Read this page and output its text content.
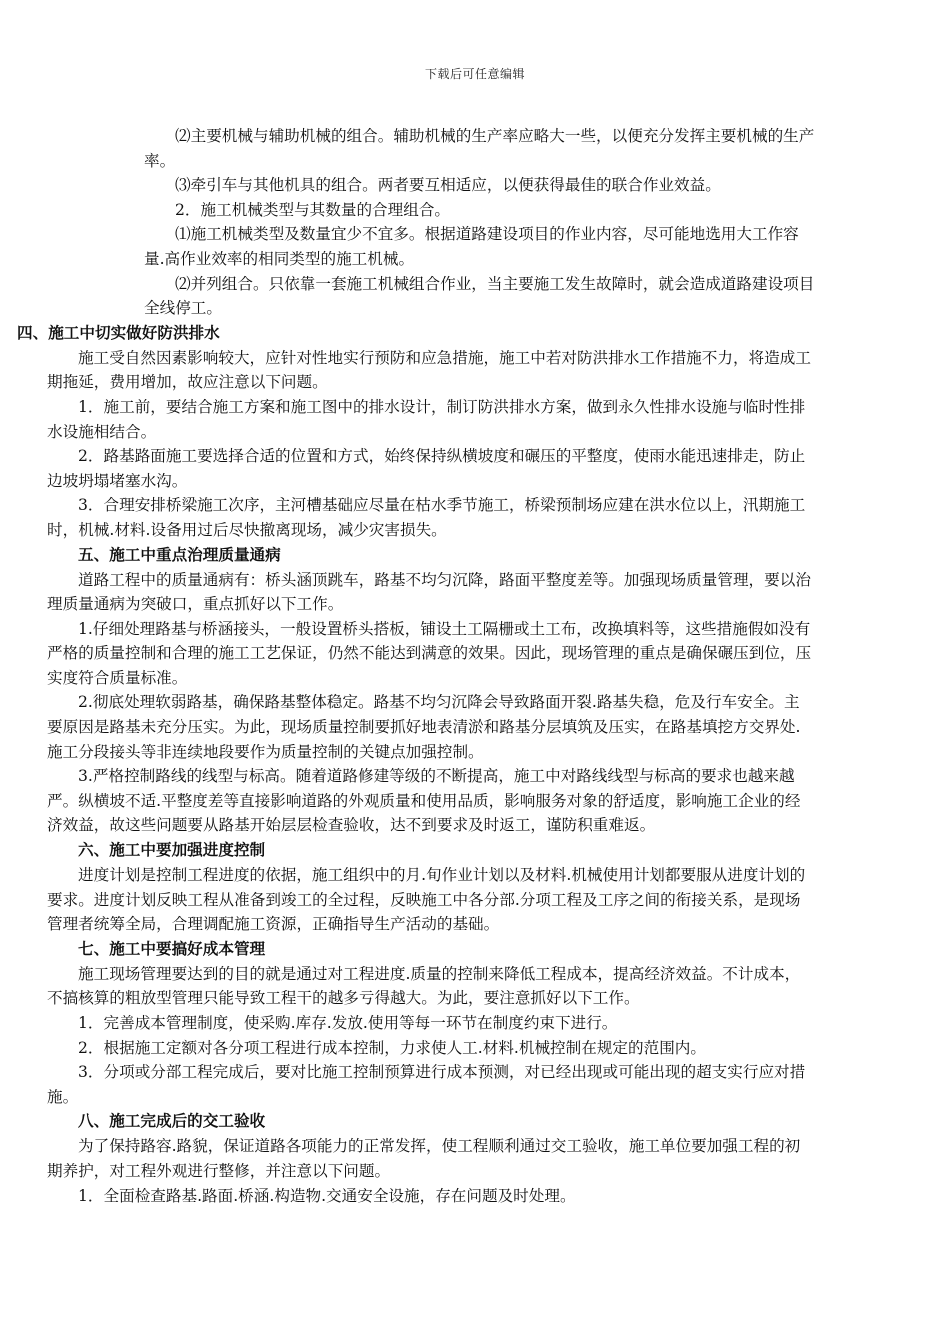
下载后可任意编辑

⑵主要机械与辅助机械的组合。辅助机械的生产率应略大一些，以便充分发挥主要机械的生产率。

⑶牵引车与其他机具的组合。两者要互相适应，以便获得最佳的联合作业效益。

2．施工机械类型与其数量的合理组合。

⑴施工机械类型及数量宜少不宜多。根据道路建设项目的作业内容，尽可能地选用大工作容量.高作业效率的相同类型的施工机械。

⑵并列组合。只依靠一套施工机械组合作业，当主要施工发生故障时，就会造成道路建设项目全线停工。

四、施工中切实做好防洪排水

施工受自然因素影响较大，应针对性地实行预防和应急措施，施工中若对防洪排水工作措施不力，将造成工期拖延，费用增加，故应注意以下问题。

1．施工前，要结合施工方案和施工图中的排水设计，制订防洪排水方案，做到永久性排水设施与临时性排水设施相结合。

2．路基路面施工要选择合适的位置和方式，始终保持纵横坡度和碾压的平整度，使雨水能迅速排走，防止边坡坍塌堵塞水沟。

3．合理安排桥梁施工次序，主河槽基础应尽量在枯水季节施工，桥梁预制场应建在洪水位以上，汛期施工时，机械.材料.设备用过后尽快撤离现场，减少灾害损失。

五、施工中重点治理质量通病

道路工程中的质量通病有：桥头涵顶跳车，路基不均匀沉降，路面平整度差等。加强现场质量管理，要以治理质量通病为突破口，重点抓好以下工作。

1.仔细处理路基与桥涵接头，一般设置桥头搭板，铺设土工隔栅或土工布，改换填料等，这些措施假如没有严格的质量控制和合理的施工工艺保证，仍然不能达到满意的效果。因此，现场管理的重点是确保碾压到位，压实度符合质量标准。

2.彻底处理软弱路基，确保路基整体稳定。路基不均匀沉降会导致路面开裂.路基失稳，危及行车安全。主要原因是路基未充分压实。为此，现场质量控制要抓好地表清淤和路基分层填筑及压实，在路基填挖方交界处.施工分段接头等非连续地段要作为质量控制的关键点加强控制。

3.严格控制路线的线型与标高。随着道路修建等级的不断提高，施工中对路线线型与标高的要求也越来越严。纵横坡不适.平整度差等直接影响道路的外观质量和使用品质，影响服务对象的舒适度，影响施工企业的经济效益，故这些问题要从路基开始层层检查验收，达不到要求及时返工，谨防积重难返。

六、施工中要加强进度控制

进度计划是控制工程进度的依据，施工组织中的月.旬作业计划以及材料.机械使用计划都要服从进度计划的要求。进度计划反映工程从准备到竣工的全过程，反映施工中各分部.分项工程及工序之间的衔接关系，是现场管理者统筹全局，合理调配施工资源，正确指导生产活动的基础。

七、施工中要搞好成本管理

施工现场管理要达到的目的就是通过对工程进度.质量的控制来降低工程成本，提高经济效益。不计成本，不搞核算的粗放型管理只能导致工程干的越多亏得越大。为此，要注意抓好以下工作。

1．完善成本管理制度，使采购.库存.发放.使用等每一环节在制度约束下进行。

2．根据施工定额对各分项工程进行成本控制，力求使人工.材料.机械控制在规定的范围内。

3．分项或分部工程完成后，要对比施工控制预算进行成本预测，对已经出现或可能出现的超支实行应对措施。

八、施工完成后的交工验收

为了保持路容.路貌，保证道路各项能力的正常发挥，使工程顺利通过交工验收，施工单位要加强工程的初期养护，对工程外观进行整修，并注意以下问题。

1．全面检查路基.路面.桥涵.构造物.交通安全设施，存在问题及时处理。
